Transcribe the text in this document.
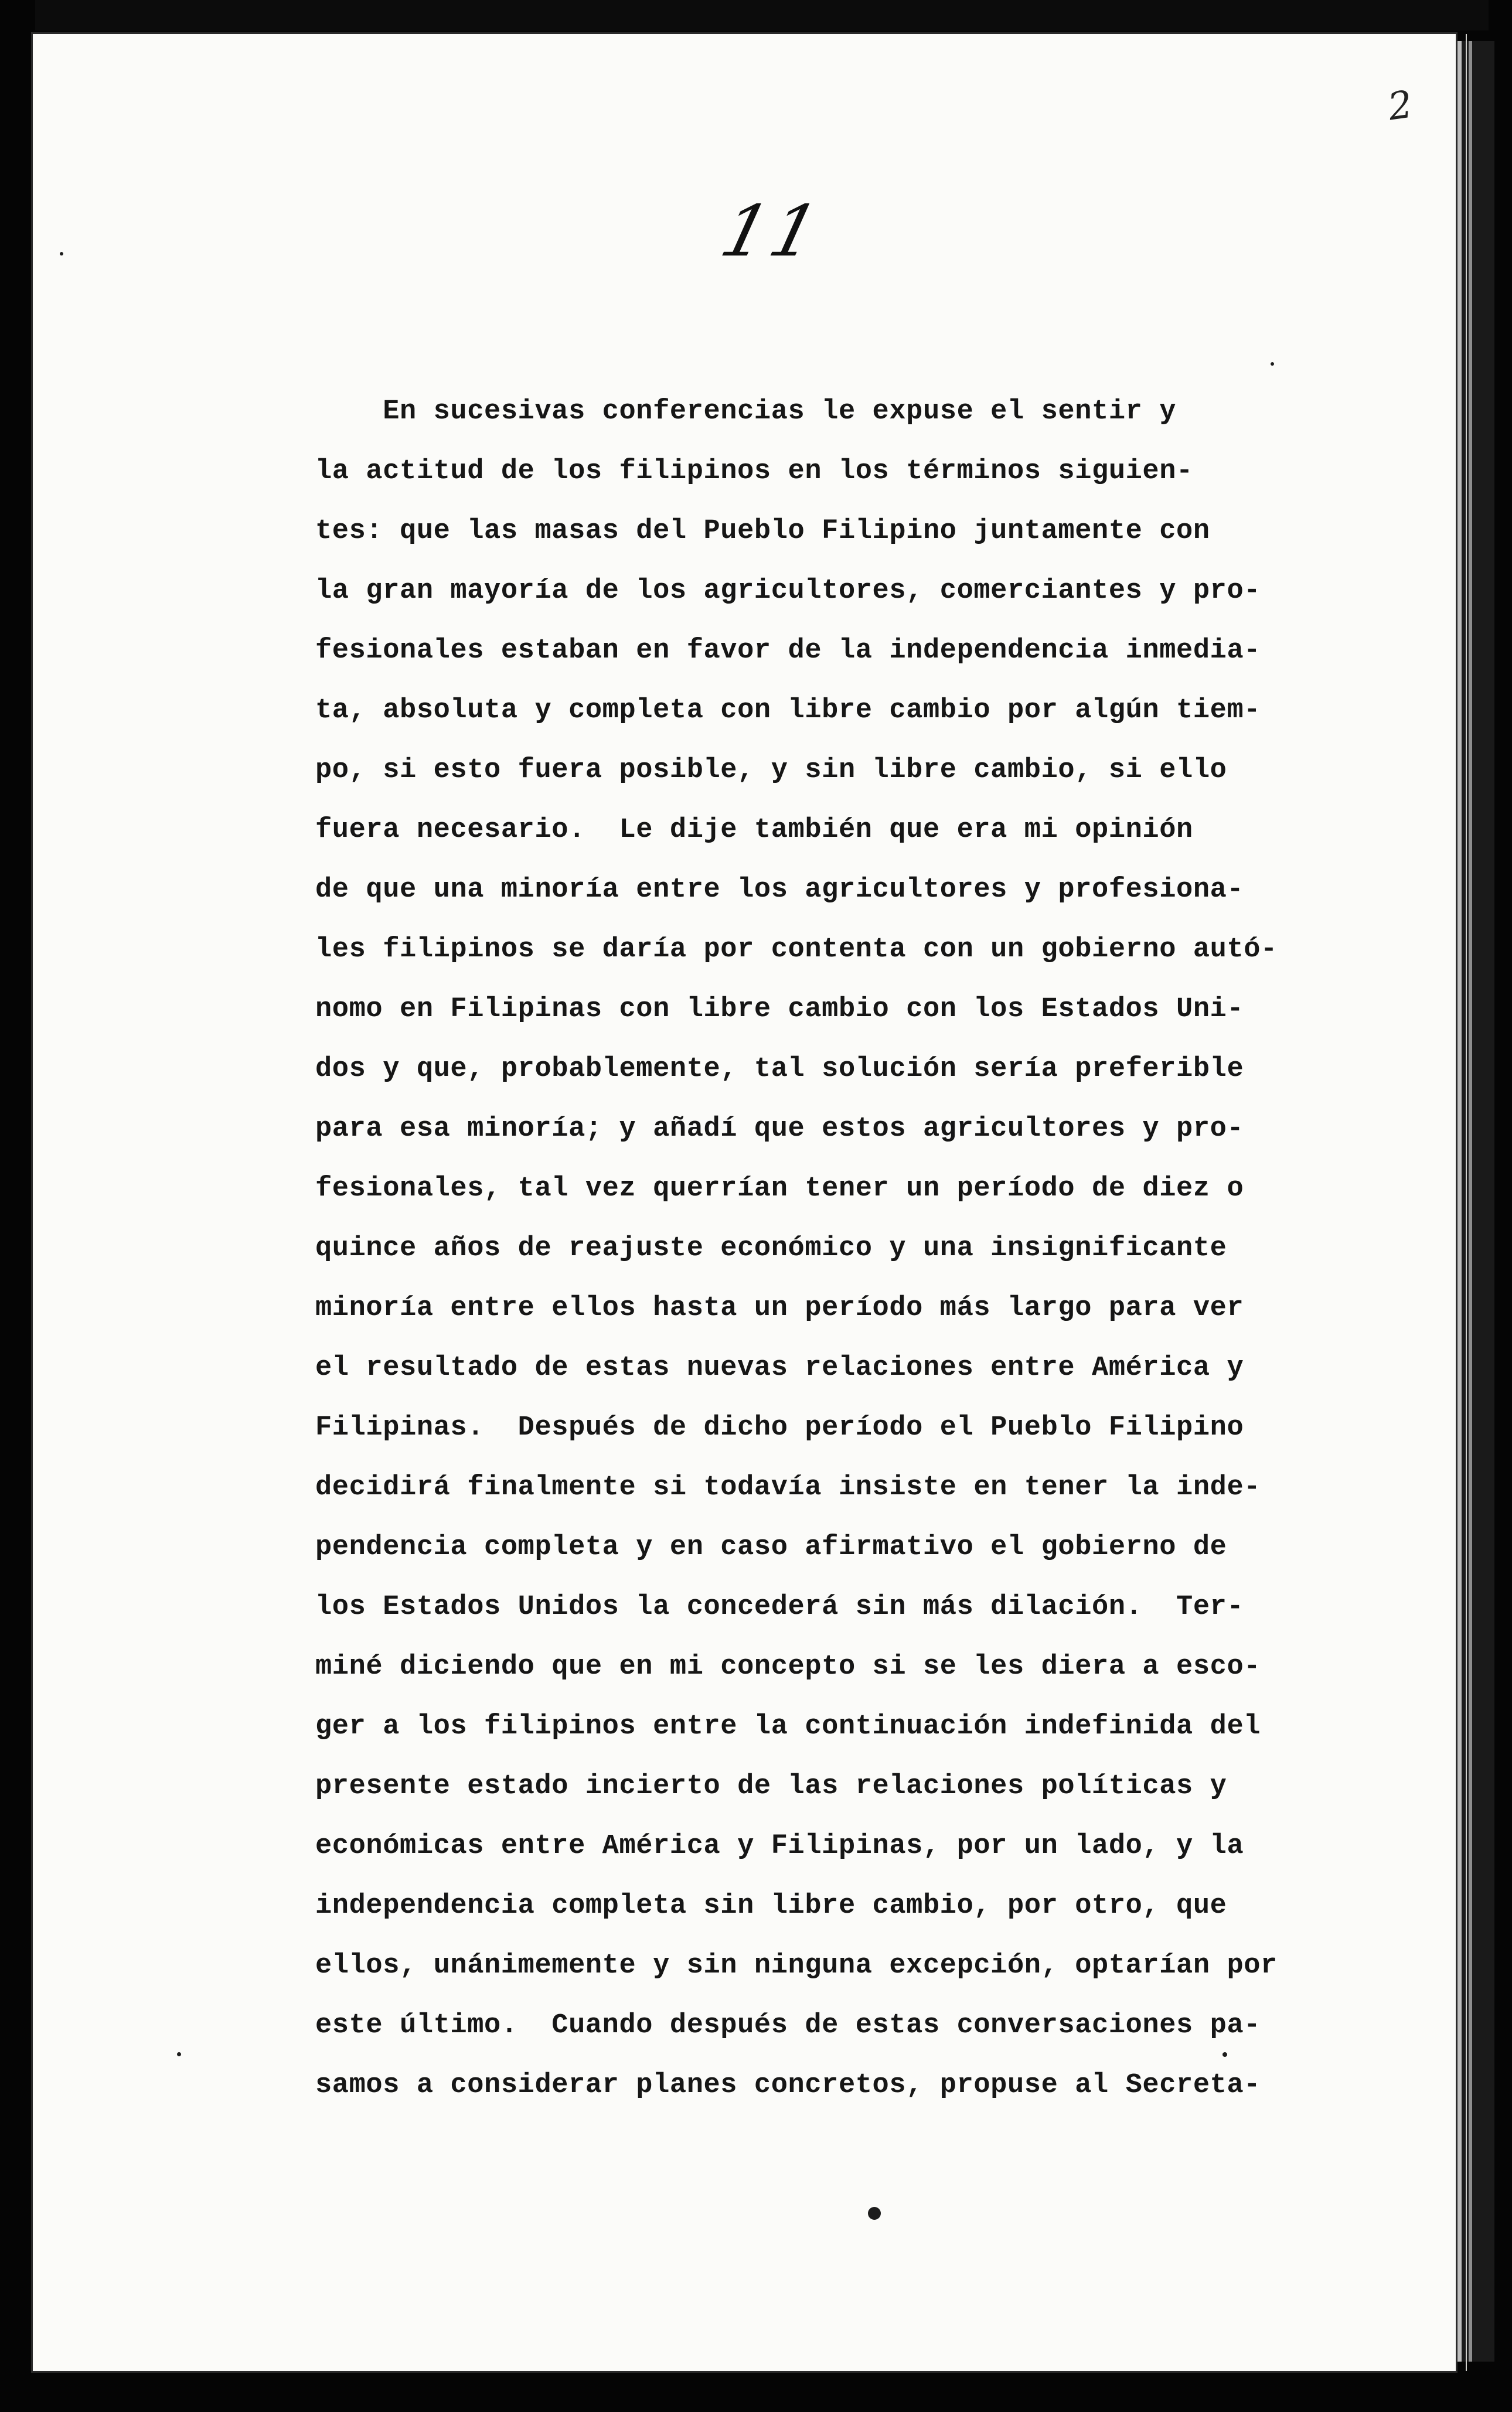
2
11
En sucesivas conferencias le expuse el sentir y
la actitud de los filipinos en los términos siguien-
tes: que las masas del Pueblo Filipino juntamente con
la gran mayoría de los agricultores, comerciantes y pro-
fesionales estaban en favor de la independencia inmedia-
ta, absoluta y completa con libre cambio por algún tiem-
po, si esto fuera posible, y sin libre cambio, si ello
fuera necesario.  Le dije también que era mi opinión
de que una minoría entre los agricultores y profesiona-
les filipinos se daría por contenta con un gobierno autó-
nomo en Filipinas con libre cambio con los Estados Uni-
dos y que, probablemente, tal solución sería preferible
para esa minoría; y añadí que estos agricultores y pro-
fesionales, tal vez querrían tener un período de diez o
quince años de reajuste económico y una insignificante
minoría entre ellos hasta un período más largo para ver
el resultado de estas nuevas relaciones entre América y
Filipinas.  Después de dicho período el Pueblo Filipino
decidirá finalmente si todavía insiste en tener la inde-
pendencia completa y en caso afirmativo el gobierno de
los Estados Unidos la concederá sin más dilación.  Ter-
miné diciendo que en mi concepto si se les diera a esco-
ger a los filipinos entre la continuación indefinida del
presente estado incierto de las relaciones políticas y
económicas entre América y Filipinas, por un lado, y la
independencia completa sin libre cambio, por otro, que
ellos, unánimemente y sin ninguna excepción, optarían por
este último.  Cuando después de estas conversaciones pa-
samos a considerar planes concretos, propuse al Secreta-
